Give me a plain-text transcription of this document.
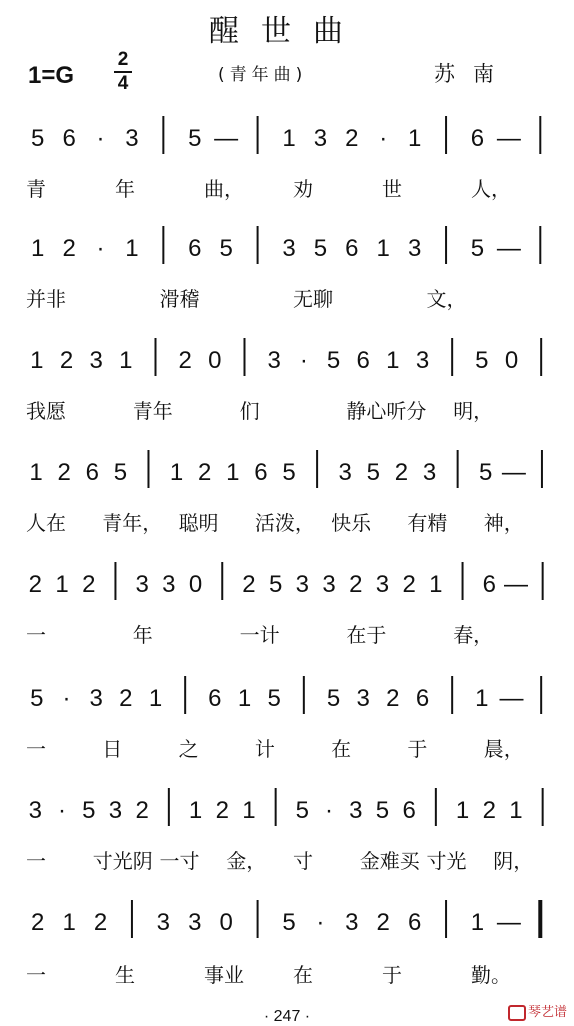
醒世曲
1=G
2
4	(青年曲)	苏南
5 6 · 3 5 — 1 3 2 · 1 6 —
青	年	曲， 劝	世	人，
1 2 · 1 6 5 3 5 6 1 3 5 —
并非	滑稽	无聊	文，
1 2 3 1 2 0 3 · 5 6 1 3 5 0
我愿	青年	们	静心听分 明，
1 2 6 5 1 2 1 6 5 3 5 2 3 5 —
人在 青年， 聪明 活泼， 快乐 有精 神，
2 1 2 3 3 0 2 5 3 3 2 3 2 1 6 —
一	年	一计	在于	春，
5 · 3 2 1 6 1 5 5 3 2 6 1 —
一	日	之	计	在	于	晨，
3 · 5 3 2 1 2 1 5 · 3 5 6 1 2 1
一 寸光阴 一寸 金， 寸 金难买 寸光 阴，
2 1 2 3 3 0 5 · 3 2 6 1 —
一	生	事业 在	于	勤。
· 247 ·	琴艺谱
